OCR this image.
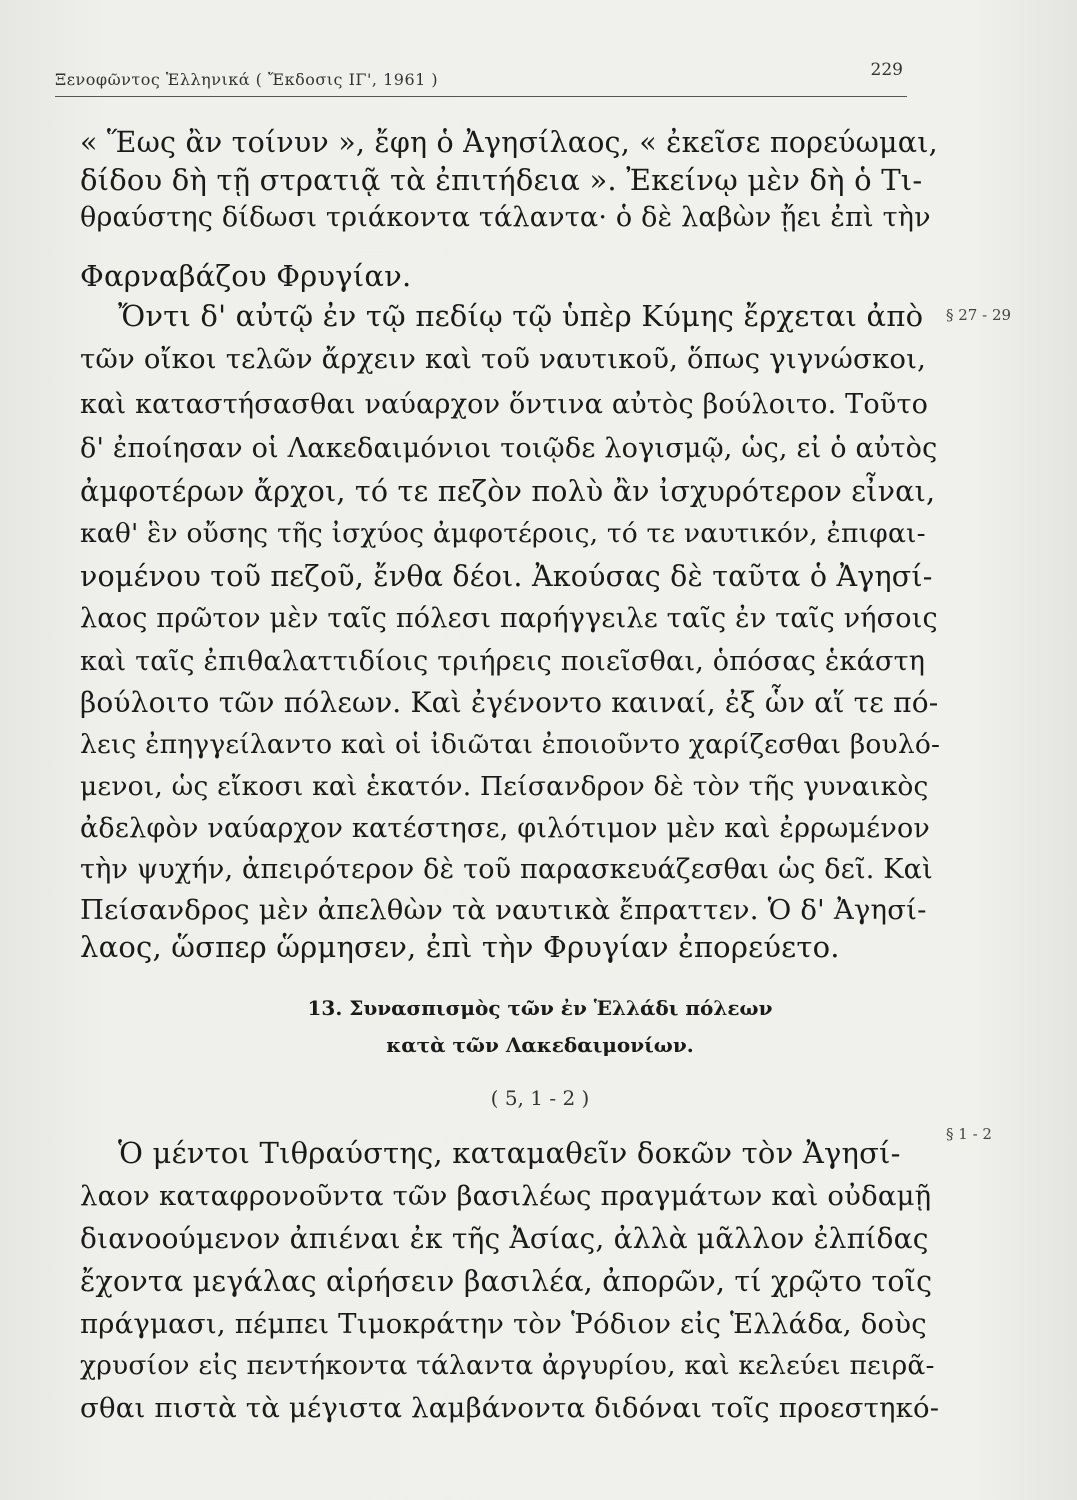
Ξενοφῶντος Ἑλληνικά ( Ἔκδοσις ΙΓ', 1961 )	229
« Ἕως ἂν τοίνυν », ἔφη ὁ Ἀγησίλαος, « ἐκεῖσε πορεύωμαι,
δίδου δὴ τῇ στρατιᾷ τὰ ἐπιτήδεια ». Ἐκείνῳ μὲν δὴ ὁ Τι-
θραύστης δίδωσι τριάκοντα τάλαντα· ὁ δὲ λαβὼν ᾔει ἐπὶ τὴν
Φαρναβάζου Φρυγίαν.
Ὄντι δ' αὐτῷ ἐν τῷ πεδίῳ τῷ ὑπὲρ Κύμης ἔρχεται ἀπὸ
τῶν οἴκοι τελῶν ἄρχειν καὶ τοῦ ναυτικοῦ, ὅπως γιγνώσκοι,
καὶ καταστήσασθαι ναύαρχον ὅντινα αὐτὸς βούλοιτο. Τοῦτο
δ' ἐποίησαν οἱ Λακεδαιμόνιοι τοιῷδε λογισμῷ, ὡς, εἰ ὁ αὐτὸς
ἀμφοτέρων ἄρχοι, τό τε πεζὸν πολὺ ἂν ἰσχυρότερον εἶναι,
καθ' ἓν οὔσης τῆς ἰσχύος ἀμφοτέροις, τό τε ναυτικόν, ἐπιφαι-
νομένου τοῦ πεζοῦ, ἔνθα δέοι. Ἀκούσας δὲ ταῦτα ὁ Ἀγησί-
λαος πρῶτον μὲν ταῖς πόλεσι παρήγγειλε ταῖς ἐν ταῖς νήσοις
καὶ ταῖς ἐπιθαλαττιδίοις τριήρεις ποιεῖσθαι, ὁπόσας ἑκάστη
βούλοιτο τῶν πόλεων. Καὶ ἐγένοντο καιναί, ἐξ ὧν αἵ τε πό-
λεις ἐπηγγείλαντο καὶ οἱ ἰδιῶται ἐποιοῦντο χαρίζεσθαι βουλό-
μενοι, ὡς εἴκοσι καὶ ἑκατόν. Πείσανδρον δὲ τὸν τῆς γυναικὸς
ἀδελφὸν ναύαρχον κατέστησε, φιλότιμον μὲν καὶ ἐρρωμένον
τὴν ψυχήν, ἀπειρότερον δὲ τοῦ παρασκευάζεσθαι ὡς δεῖ. Καὶ
Πείσανδρος μὲν ἀπελθὼν τὰ ναυτικὰ ἔπραττεν. Ὁ δ' Ἀγησί-
λαος, ὥσπερ ὥρμησεν, ἐπὶ τὴν Φρυγίαν ἐπορεύετο.
13. Συνασπισμὸς τῶν ἐν Ἑλλάδι πόλεων
κατὰ τῶν Λακεδαιμονίων.
( 5, 1 - 2 )
Ὁ μέντοι Τιθραύστης, καταμαθεῖν δοκῶν τὸν Ἀγησί-
λαον καταφρονοῦντα τῶν βασιλέως πραγμάτων καὶ οὐδαμῇ
διανοούμενον ἀπιέναι ἐκ τῆς Ἀσίας, ἀλλὰ μᾶλλον ἐλπίδας
ἔχοντα μεγάλας αἱρήσειν βασιλέα, ἀπορῶν, τί χρῷτο τοῖς
πράγμασι, πέμπει Τιμοκράτην τὸν Ῥόδιον εἰς Ἑλλάδα, δοὺς
χρυσίον εἰς πεντήκοντα τάλαντα ἀργυρίου, καὶ κελεύει πειρᾶ-
σθαι πιστὰ τὰ μέγιστα λαμβάνοντα διδόναι τοῖς προεστηκό-
§ 27 - 29
§ 1 - 2
